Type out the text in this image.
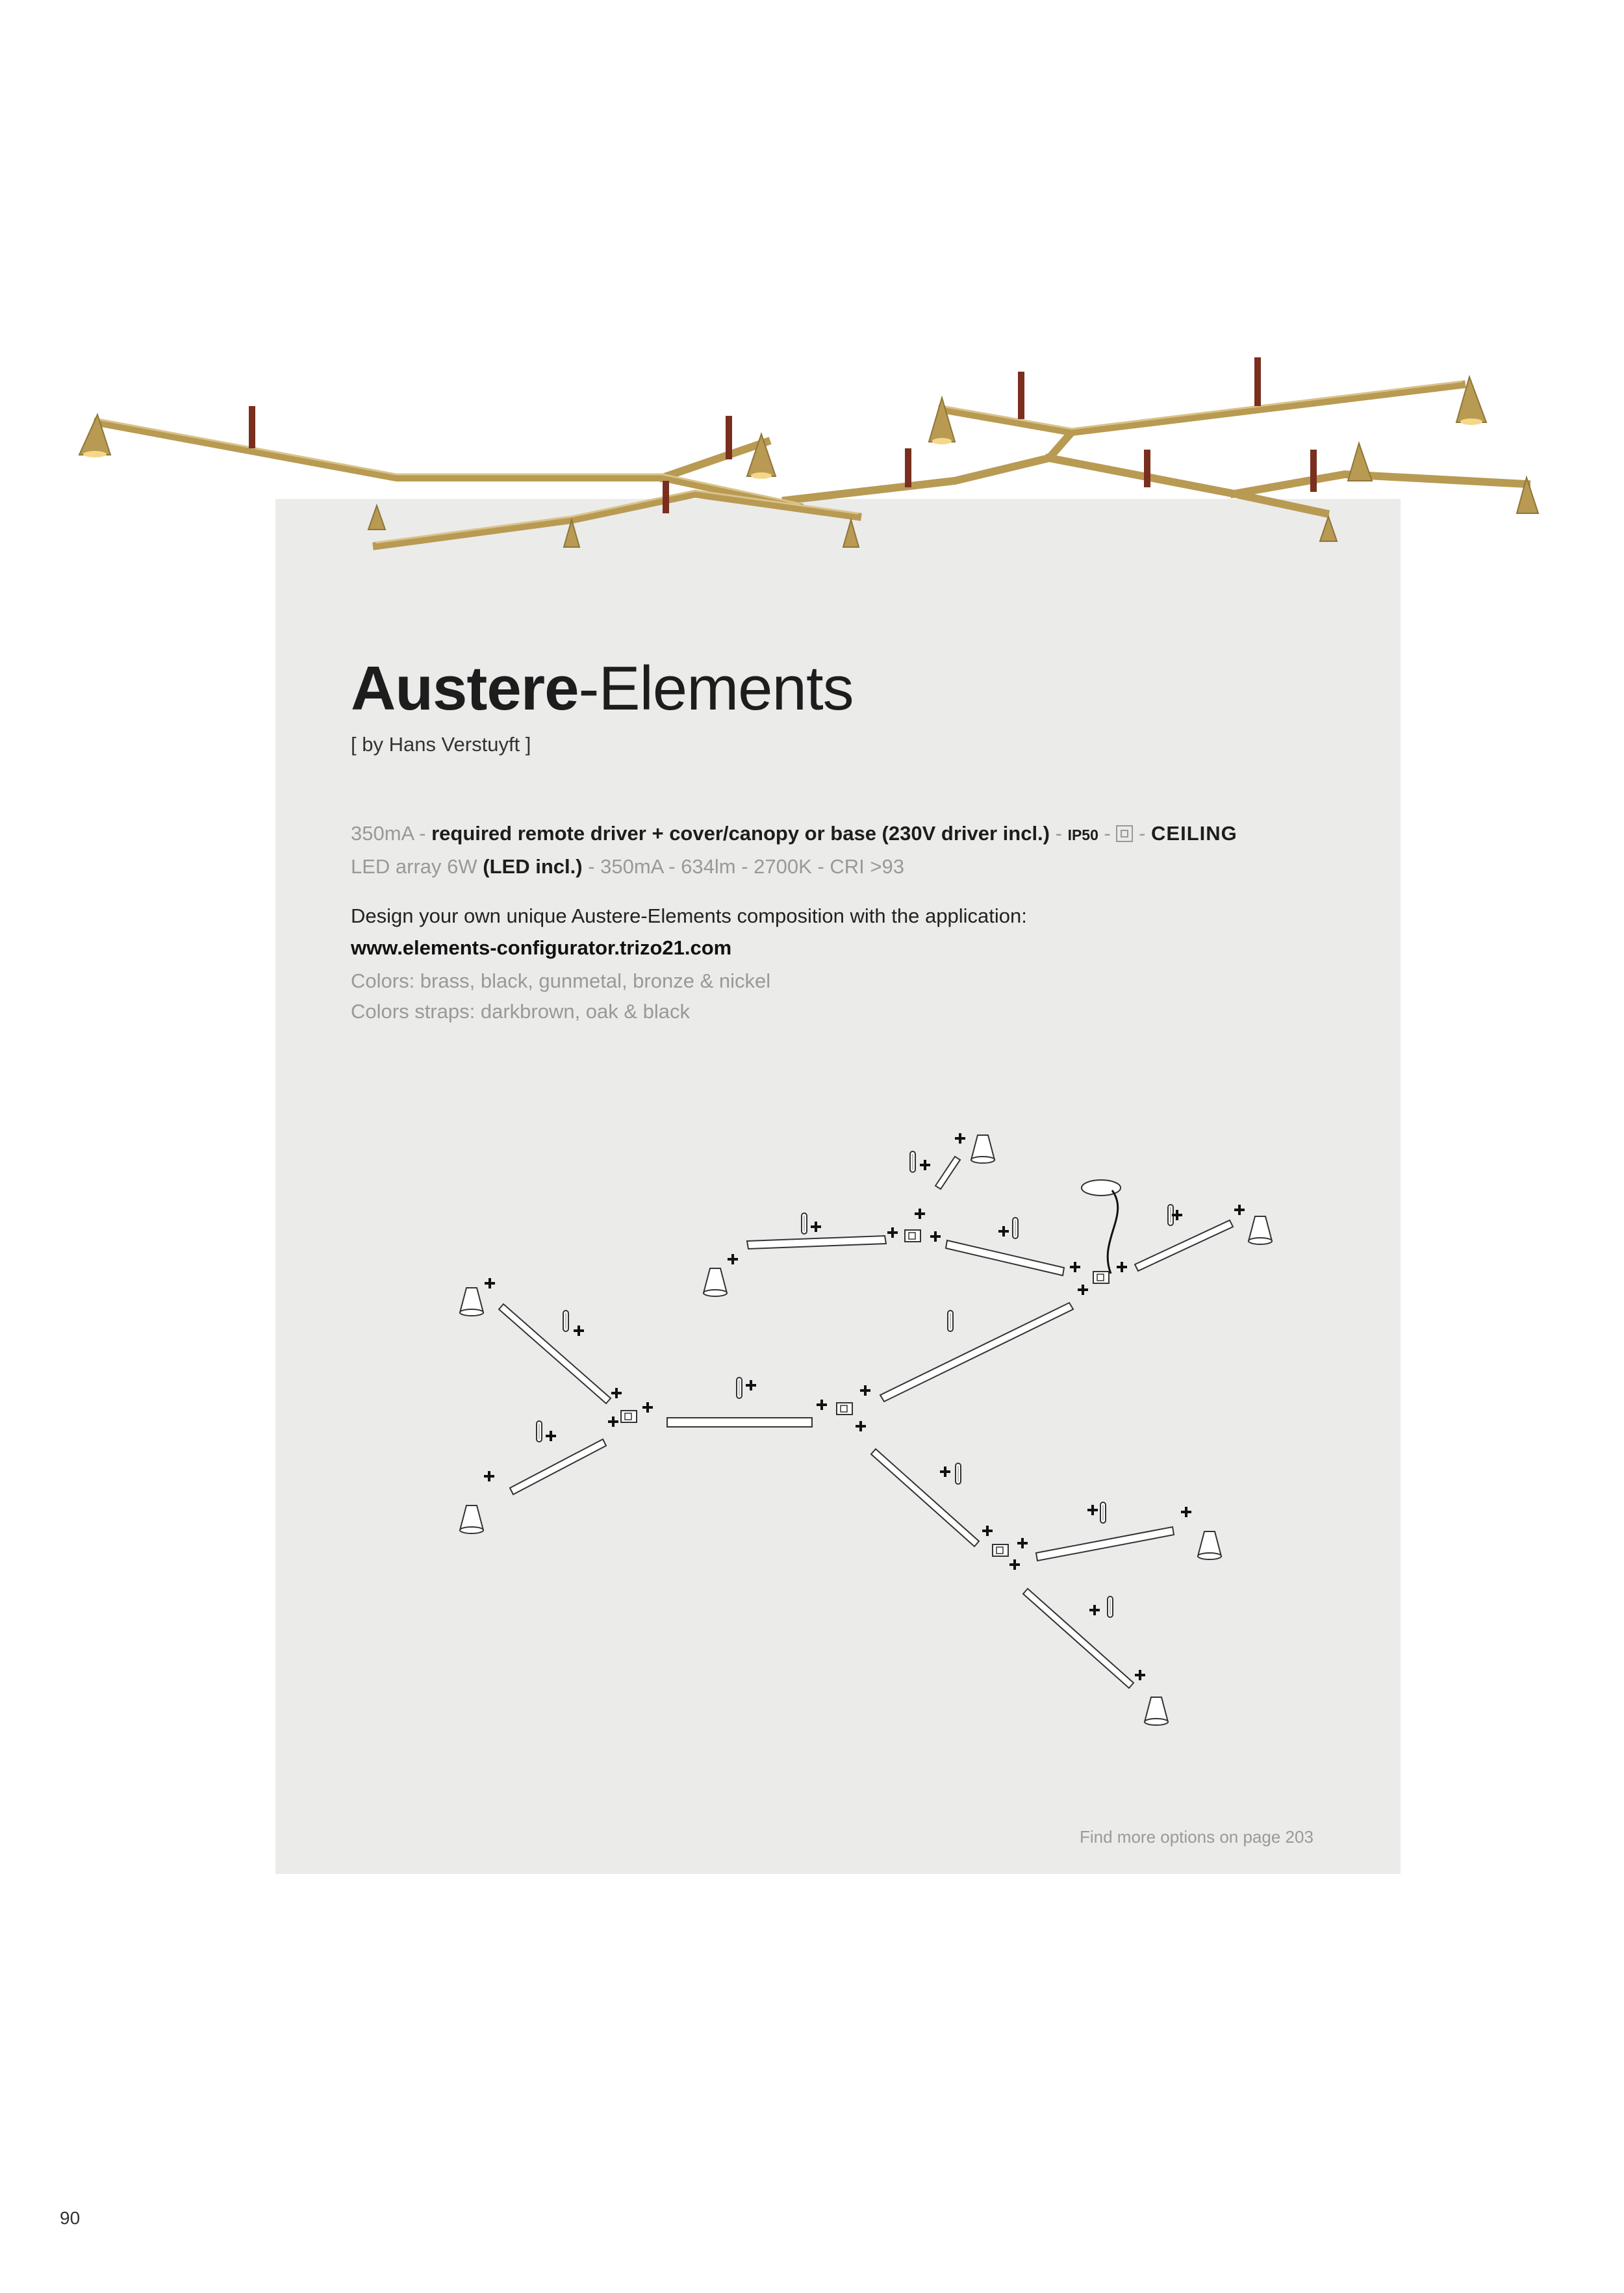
Austere-Elements
[ by Hans Verstuyft ]
350mA - required remote driver + cover/canopy or base (230V driver incl.) - IP50 -  - CEILING
LED array 6W (LED incl.) - 350mA - 634lm - 2700K - CRI >93
Design your own unique Austere-Elements composition with the application:
www.elements-configurator.trizo21.com
Colors: brass, black, gunmetal, bronze & nickel
Colors straps: darkbrown, oak & black
Find more options on page 203
90
